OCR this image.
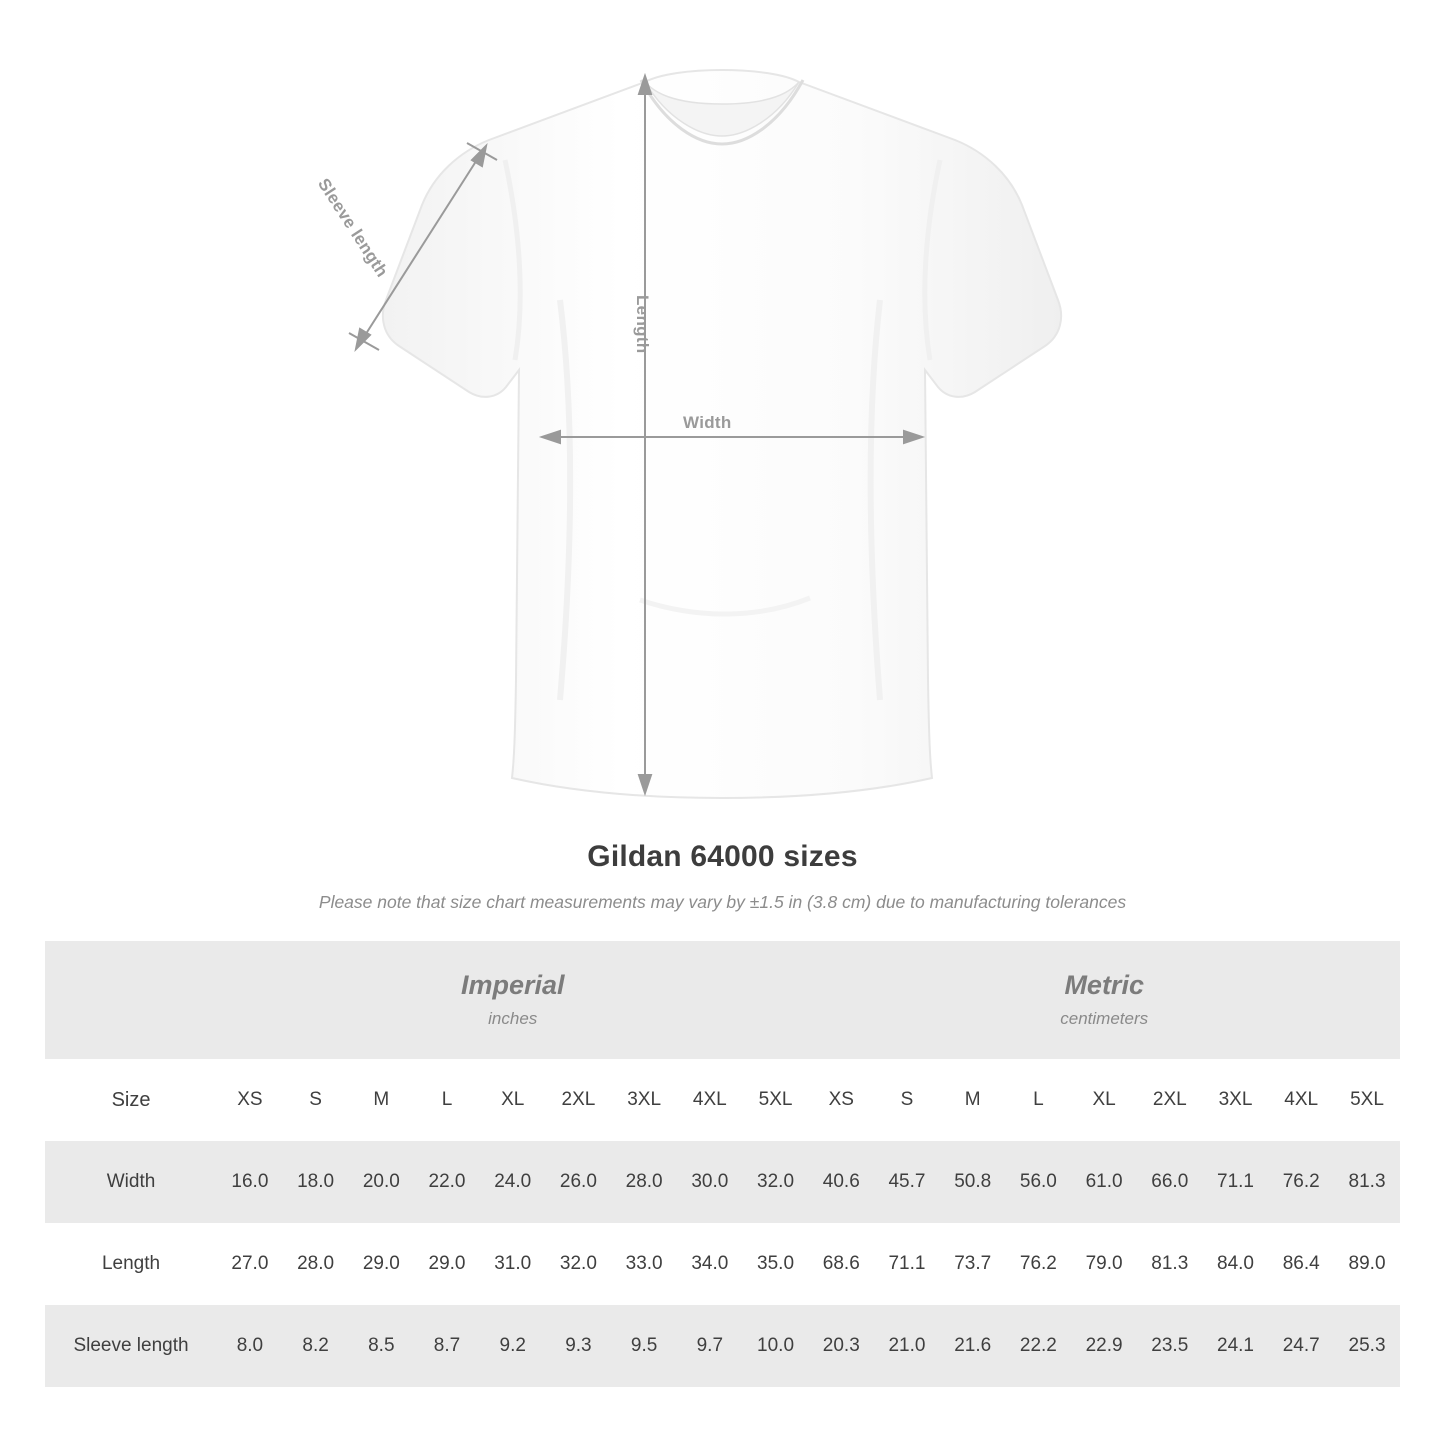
Sleeve length
Length
Width
Gildan 64000 sizes
Please note that size chart measurements may vary by ±1.5 in (3.8 cm) due to manufacturing tolerances

	Imperial
inches									Metric
centimeters								

Size	XS	S	M	L	XL	2XL	3XL	4XL	5XL	XS	S	M	L	XL	2XL	3XL	4XL	5XL
Width	16.0	18.0	20.0	22.0	24.0	26.0	28.0	30.0	32.0	40.6	45.7	50.8	56.0	61.0	66.0	71.1	76.2	81.3
Length	27.0	28.0	29.0	29.0	31.0	32.0	33.0	34.0	35.0	68.6	71.1	73.7	76.2	79.0	81.3	84.0	86.4	89.0
Sleeve length	8.0	8.2	8.5	8.7	9.2	9.3	9.5	9.7	10.0	20.3	21.0	21.6	22.2	22.9	23.5	24.1	24.7	25.3
